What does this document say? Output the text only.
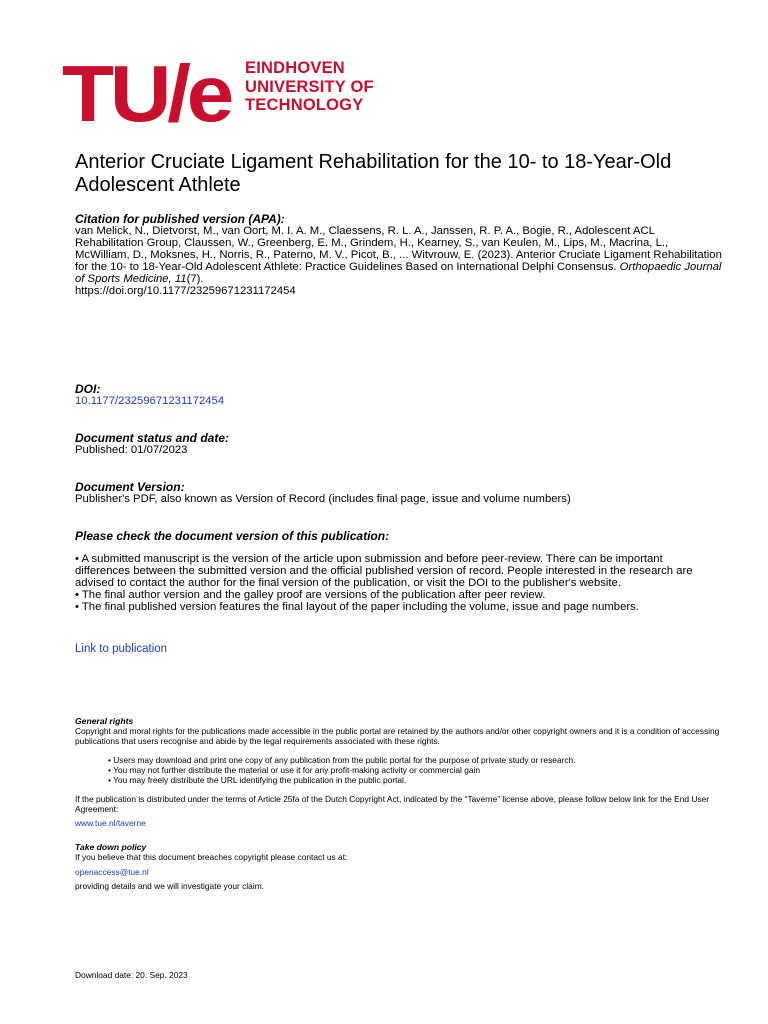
TU/e EINDHOVEN
UNIVERSITY OF
TECHNOLOGY
Anterior Cruciate Ligament Rehabilitation for the 10- to 18-Year-Old Adolescent Athlete
Citation for published version (APA):
van Melick, N., Dietvorst, M., van Oort, M. I. A. M., Claessens, R. L. A., Janssen, R. P. A., Bogie, R., Adolescent ACL Rehabilitation Group, Claussen, W., Greenberg, E. M., Grindem, H., Kearney, S., van Keulen, M., Lips, M., Macrina, L., McWilliam, D., Moksnes, H., Norris, R., Paterno, M. V., Picot, B., ... Witvrouw, E. (2023). Anterior Cruciate Ligament Rehabilitation for the 10- to 18-Year-Old Adolescent Athlete: Practice Guidelines Based on International Delphi Consensus. Orthopaedic Journal of Sports Medicine, 11(7).
https://doi.org/10.1177/23259671231172454
DOI:
10.1177/23259671231172454
Document status and date:
Published: 01/07/2023
Document Version:
Publisher's PDF, also known as Version of Record (includes final page, issue and volume numbers)
Please check the document version of this publication:

• A submitted manuscript is the version of the article upon submission and before peer-review. There can be important differences between the submitted version and the official published version of record. People interested in the research are advised to contact the author for the final version of the publication, or visit the DOI to the publisher's website.

• The final author version and the galley proof are versions of the publication after peer review.

• The final published version features the final layout of the paper including the volume, issue and page numbers.

Link to publication
General rights
Copyright and moral rights for the publications made accessible in the public portal are retained by the authors and/or other copyright owners and it is a condition of accessing publications that users recognise and abide by the legal requirements associated with these rights.
• Users may download and print one copy of any publication from the public portal for the purpose of private study or research.
• You may not further distribute the material or use it for any profit-making activity or commercial gain
• You may freely distribute the URL identifying the publication in the public portal.
If the publication is distributed under the terms of Article 25fa of the Dutch Copyright Act, indicated by the “Taverne” license above, please follow below link for the End User Agreement:
www.tue.nl/taverne
Take down policy
If you believe that this document breaches copyright please contact us at:
openaccess@tue.nl
providing details and we will investigate your claim.
Download date: 20. Sep. 2023
